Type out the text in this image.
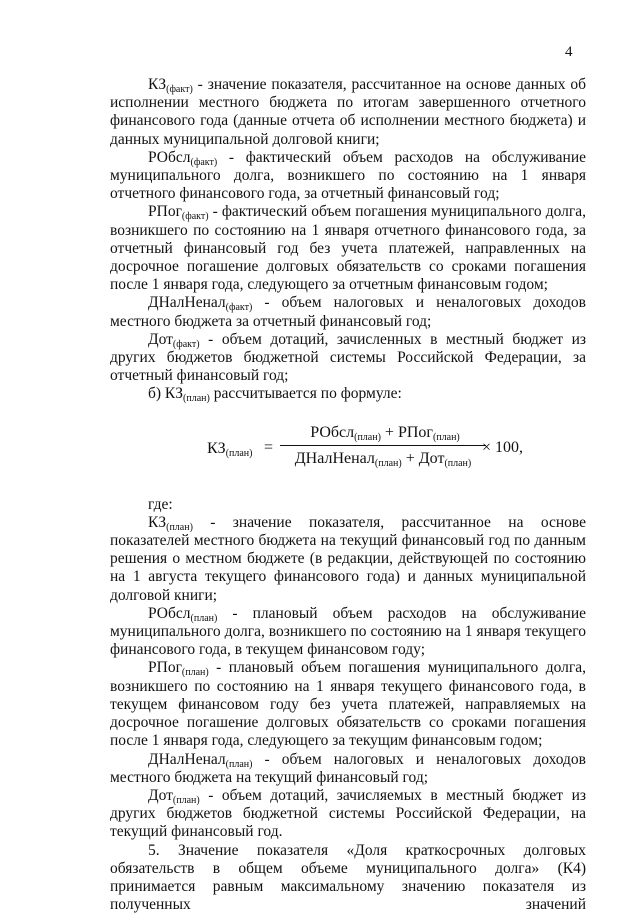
4

$КЗ_{(факт)}$ - значение показателя, рассчитанное на основе данных об исполнении местного бюджета по итогам завершенного отчетного финансового года (данные отчета об исполнении местного бюджета) и данных муниципальной долговой книги;

РОбсл$_{(факт)}$ - фактический объем расходов на обслуживание муниципального долга, возникшего по состоянию на 1 января отчетного финансового года, за отчетный финансовый год;

РПог$_{(факт)}$ - фактический объем погашения муниципального долга, возникшего по состоянию на 1 января отчетного финансового года, за отчетный финансовый год без учета платежей, направленных на досрочное погашение долговых обязательств со сроками погашения после 1 января года, следующего за отчетным финансовым годом;

ДНалНенал$_{(факт)}$ - объем налоговых и неналоговых доходов местного бюджета за отчетный финансовый год;

Дот$_{(факт)}$ - объем дотаций, зачисленных в местный бюджет из других бюджетов бюджетной системы Российской Федерации, за отчетный финансовый год;

б) $КЗ_{(план)}$ рассчитывается по формуле:

$КЗ_{(план)}$ =
РОбсл$_{(план)}$ + РПог$_{(план)}$
ДНалНенал$_{(план)}$ + Дот$_{(план)}$
× 100,

где:

$КЗ_{(план)}$ - значение показателя, рассчитанное на основе показателей местного бюджета на текущий финансовый год по данным решения о местном бюджете (в редакции, действующей по состоянию на 1 августа текущего финансового года) и данных муниципальной долговой книги;

РОбсл$_{(план)}$ - плановый объем расходов на обслуживание муниципального долга, возникшего по состоянию на 1 января текущего финансового года, в текущем финансовом году;

РПог$_{(план)}$ - плановый объем погашения муниципального долга, возникшего по состоянию на 1 января текущего финансового года, в текущем финансовом году без учета платежей, направляемых на досрочное погашение долговых обязательств со сроками погашения после 1 января года, следующего за текущим финансовым годом;

ДНалНенал$_{(план)}$ - объем налоговых и неналоговых доходов местного бюджета на текущий финансовый год;

Дот$_{(план)}$ - объем дотаций, зачисляемых в местный бюджет из других бюджетов бюджетной системы Российской Федерации, на текущий финансовый год.

5. Значение показателя «Доля краткосрочных долговых обязательств в общем объеме муниципального долга» (К4) принимается равным максимальному значению показателя из полученных значений
